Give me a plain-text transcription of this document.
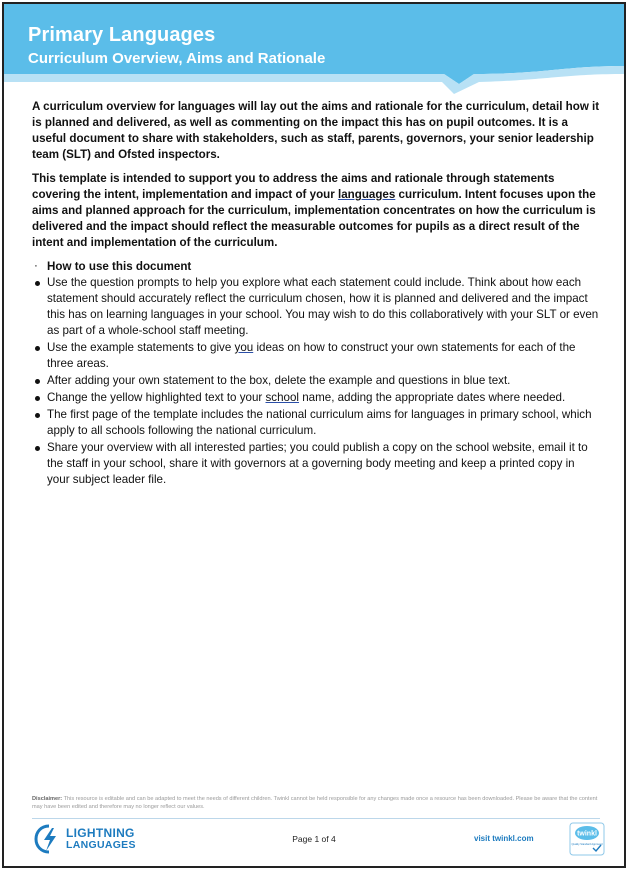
Primary Languages
Curriculum Overview, Aims and Rationale

A curriculum overview for languages will lay out the aims and rationale for the curriculum, detail how it is planned and delivered, as well as commenting on the impact this has on pupil outcomes. It is a useful document to share with stakeholders, such as staff, parents, governors, your senior leadership team (SLT) and Ofsted inspectors.

This template is intended to support you to address the aims and rationale through statements covering the intent, implementation and impact of your languages curriculum. Intent focuses upon the aims and planned approach for the curriculum, implementation concentrates on how the curriculum is delivered and the impact should reflect the measurable outcomes for pupils as a direct result of the intent and implementation of the curriculum.

· How to use this document
Use the question prompts to help you explore what each statement could include. Think about how each statement should accurately reflect the curriculum chosen, how it is planned and delivered and the impact this has on learning languages in your school. You may wish to do this collaboratively with your SLT or even as part of a whole-school staff meeting.
Use the example statements to give you ideas on how to construct your own statements for each of the three areas.
After adding your own statement to the box, delete the example and questions in blue text.
Change the yellow highlighted text to your school name, adding the appropriate dates where needed.
The first page of the template includes the national curriculum aims for languages in primary school, which apply to all schools following the national curriculum.
Share your overview with all interested parties; you could publish a copy on the school website, email it to the staff in your school, share it with governors at a governing body meeting and keep a printed copy in your subject leader file.
Disclaimer: This resource is editable and can be adapted to meet the needs of different children. Twinkl cannot be held responsible for any changes made once a resource has been downloaded. Please be aware that the content may have been edited and therefore may no longer reflect our values.
LIGHTNING
LANGUAGES	Page 1 of 4	visit twinkl.com	twinkl
Quality Standard Approved
